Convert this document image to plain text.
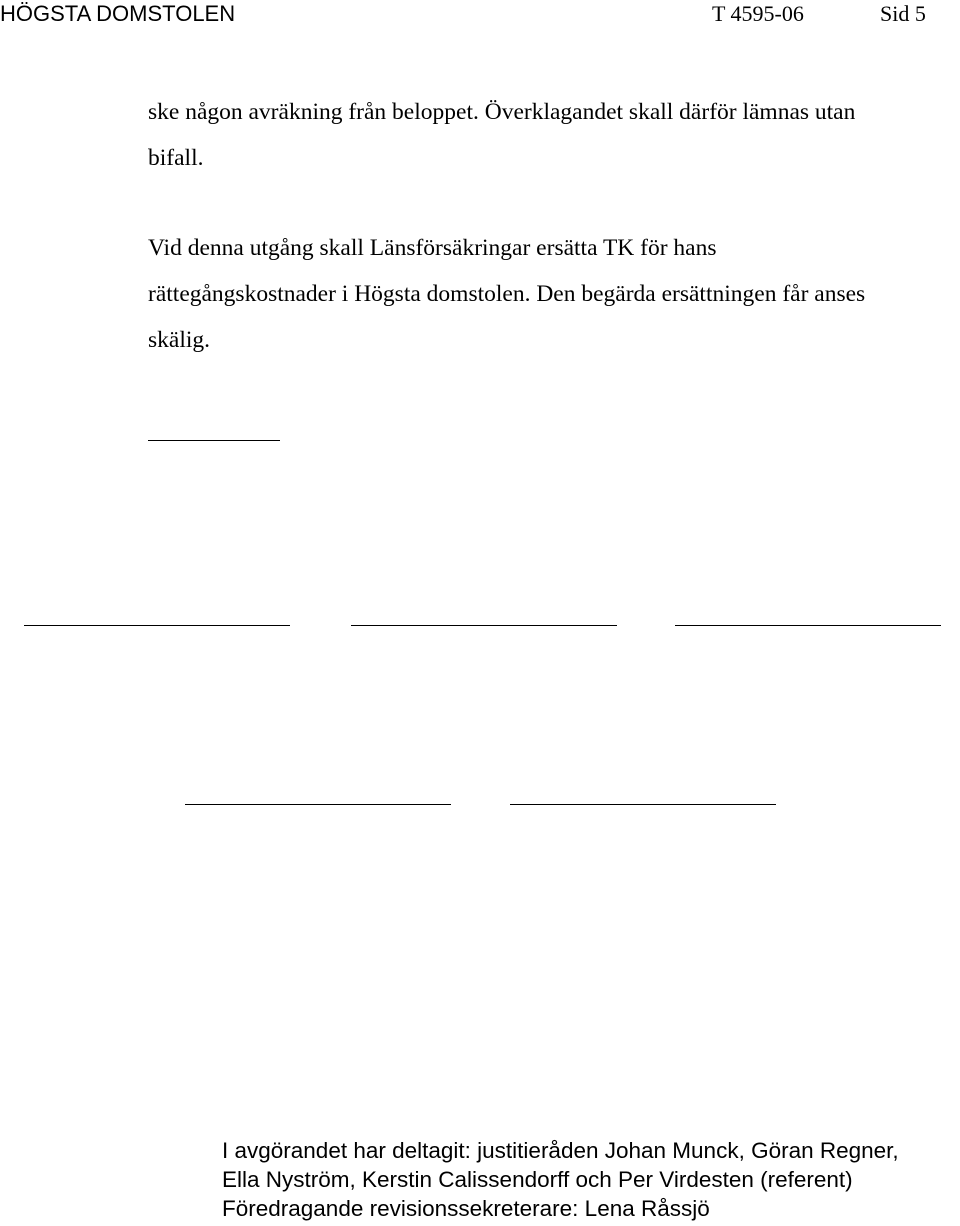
HÖGSTA DOMSTOLEN	T 4595-06	Sid 5
ske någon avräkning från beloppet. Överklagandet skall därför lämnas utan
bifall.
Vid denna utgång skall Länsförsäkringar ersätta TK för hans
rättegångskostnader i Högsta domstolen. Den begärda ersättningen får anses
skälig.
I avgörandet har deltagit: justitieråden Johan Munck, Göran Regner,
Ella Nyström, Kerstin Calissendorff och Per Virdesten (referent)
Föredragande revisionssekreterare: Lena Råssjö
